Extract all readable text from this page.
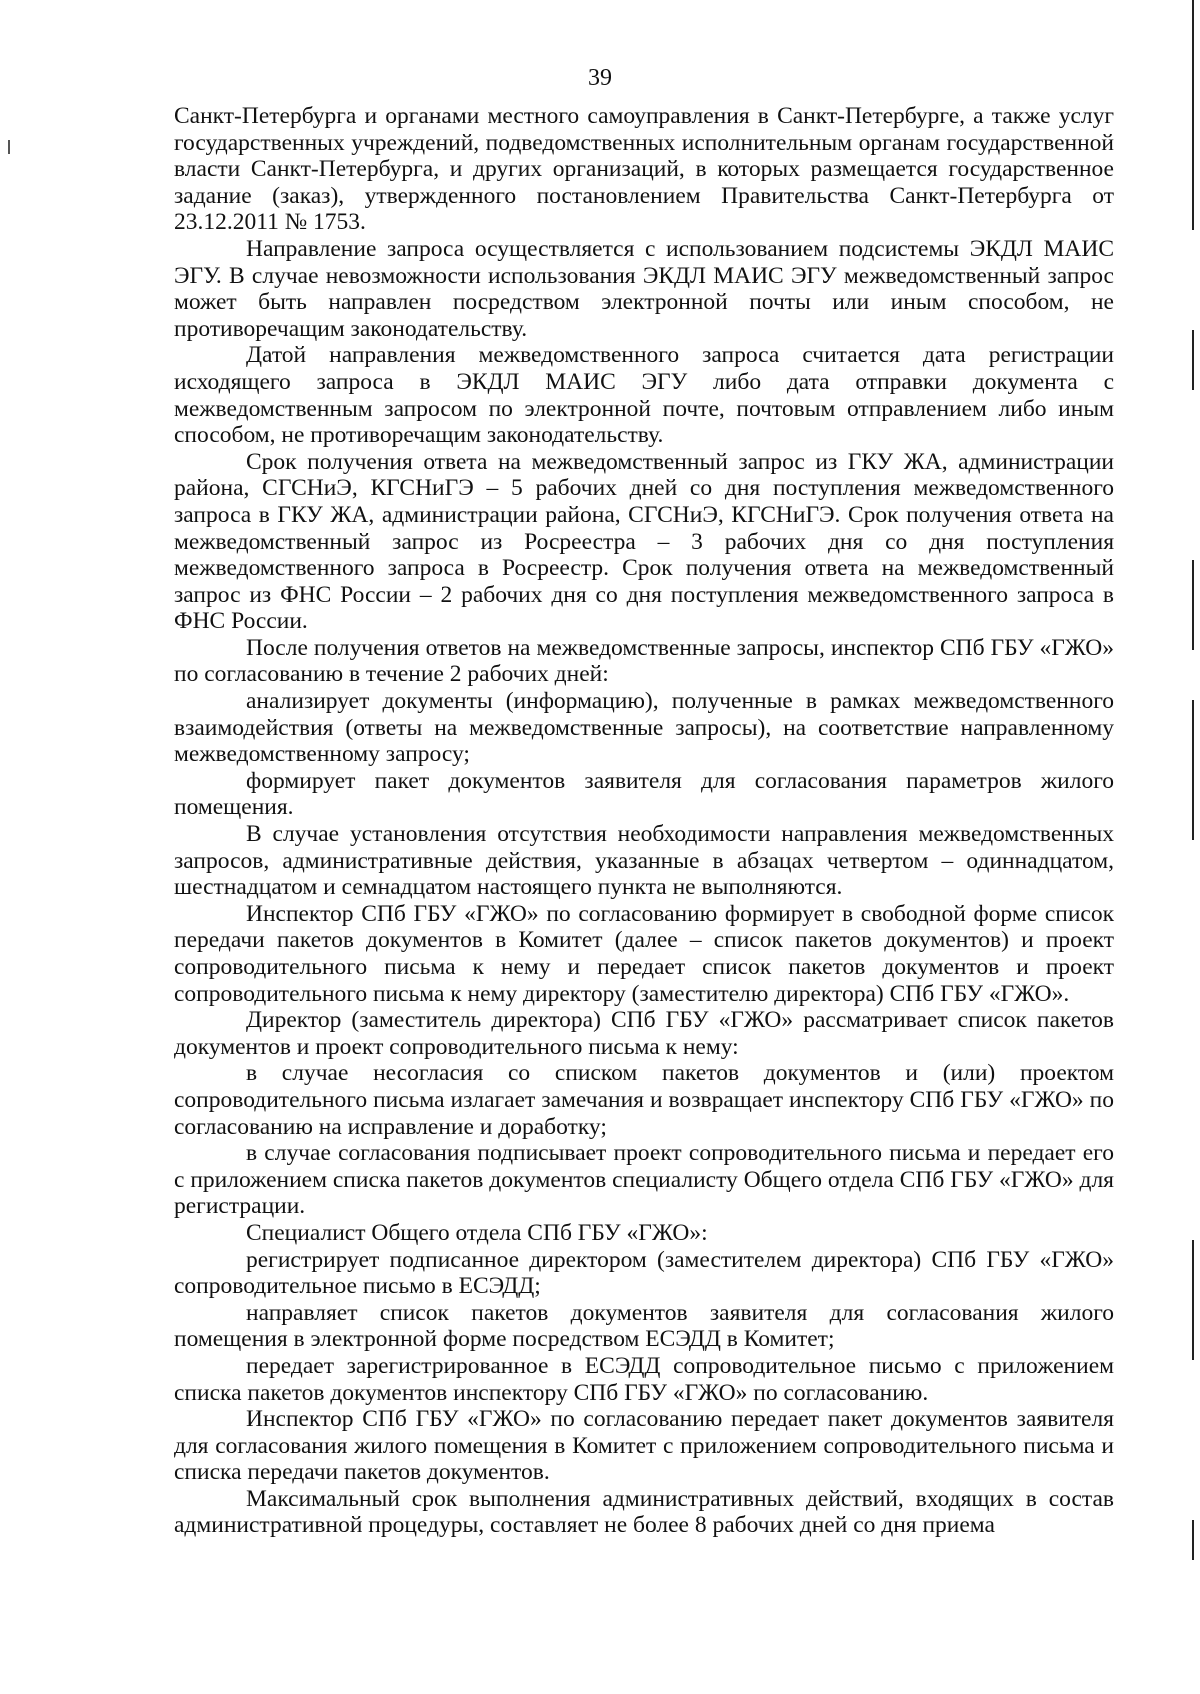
39

Санкт-Петербурга и органами местного самоуправления в Санкт-Петербурге, а также услуг государственных учреждений, подведомственных исполнительным органам государственной власти Санкт-Петербурга, и других организаций, в которых размещается государственное задание (заказ), утвержденного постановлением Правительства Санкт-Петербурга от 23.12.2011 № 1753.

Направление запроса осуществляется с использованием подсистемы ЭКДЛ МАИС ЭГУ. В случае невозможности использования ЭКДЛ МАИС ЭГУ межведомственный запрос может быть направлен посредством электронной почты или иным способом, не противоречащим законодательству.

Датой направления межведомственного запроса считается дата регистрации исходящего запроса в ЭКДЛ МАИС ЭГУ либо дата отправки документа с межведомственным запросом по электронной почте, почтовым отправлением либо иным способом, не противоречащим законодательству.

Срок получения ответа на межведомственный запрос из ГКУ ЖА, администрации района, СГСНиЭ, КГСНиГЭ – 5 рабочих дней со дня поступления межведомственного запроса в ГКУ ЖА, администрации района, СГСНиЭ, КГСНиГЭ. Срок получения ответа на межведомственный запрос из Росреестра – 3 рабочих дня со дня поступления межведомственного запроса в Росреестр. Срок получения ответа на межведомственный запрос из ФНС России – 2 рабочих дня со дня поступления межведомственного запроса в ФНС России.

После получения ответов на межведомственные запросы, инспектор СПб ГБУ «ГЖО» по согласованию в течение 2 рабочих дней:

анализирует документы (информацию), полученные в рамках межведомственного взаимодействия (ответы на межведомственные запросы), на соответствие направленному межведомственному запросу;

формирует пакет документов заявителя для согласования параметров жилого помещения.

В случае установления отсутствия необходимости направления межведомственных запросов, административные действия, указанные в абзацах четвертом – одиннадцатом, шестнадцатом и семнадцатом настоящего пункта не выполняются.

Инспектор СПб ГБУ «ГЖО» по согласованию формирует в свободной форме список передачи пакетов документов в Комитет (далее – список пакетов документов) и проект сопроводительного письма к нему и передает список пакетов документов и проект сопроводительного письма к нему директору (заместителю директора) СПб ГБУ «ГЖО».

Директор (заместитель директора) СПб ГБУ «ГЖО» рассматривает список пакетов документов и проект сопроводительного письма к нему:

в случае несогласия со списком пакетов документов и (или) проектом сопроводительного письма излагает замечания и возвращает инспектору СПб ГБУ «ГЖО» по согласованию на исправление и доработку;

в случае согласования подписывает проект сопроводительного письма и передает его с приложением списка пакетов документов специалисту Общего отдела СПб ГБУ «ГЖО» для регистрации.

Специалист Общего отдела СПб ГБУ «ГЖО»:

регистрирует подписанное директором (заместителем директора) СПб ГБУ «ГЖО» сопроводительное письмо в ЕСЭДД;

направляет список пакетов документов заявителя для согласования жилого помещения в электронной форме посредством ЕСЭДД в Комитет;

передает зарегистрированное в ЕСЭДД сопроводительное письмо с приложением списка пакетов документов инспектору СПб ГБУ «ГЖО» по согласованию.

Инспектор СПб ГБУ «ГЖО» по согласованию передает пакет документов заявителя для согласования жилого помещения в Комитет с приложением сопроводительного письма и списка передачи пакетов документов.

Максимальный срок выполнения административных действий, входящих в состав административной процедуры, составляет не более 8 рабочих дней со дня приема
